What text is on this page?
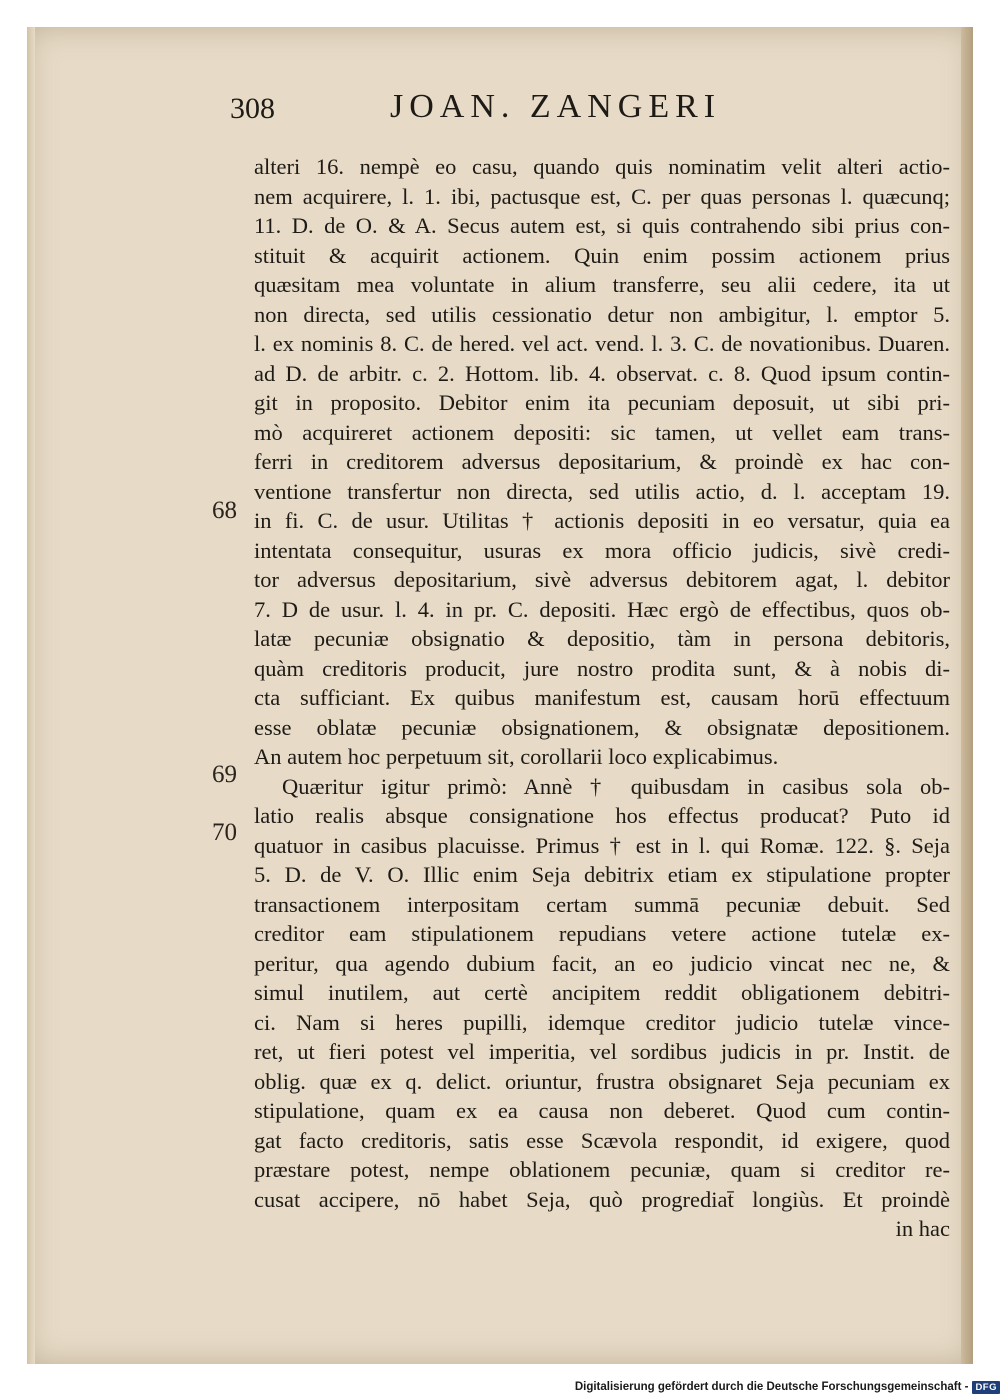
308	JOAN. ZANGERI
68
69
70
alteri 16. nempè eo casu, quando quis nominatim velit alteri actio-
nem acquirere, l. 1. ibi, pactusque est, C. per quas personas l. quæcunq;
11. D. de O. & A. Secus autem est, si quis contrahendo sibi prius con-
stituit & acquirit actionem. Quin enim possim actionem prius
quæsitam mea voluntate in alium transferre, seu alii cedere, ita ut
non directa, sed utilis cessionatio detur non ambigitur, l. emptor 5.
l. ex nominis 8. C. de hered. vel act. vend. l. 3. C. de novationibus. Duaren.
ad D. de arbitr. c. 2. Hottom. lib. 4. observat. c. 8. Quod ipsum contin-
git in proposito. Debitor enim ita pecuniam deposuit, ut sibi pri-
mò acquireret actionem depositi: sic tamen, ut vellet eam trans-
ferri in creditorem adversus depositarium, & proindè ex hac con-
ventione transfertur non directa, sed utilis actio, d. l. acceptam 19.
in fi. C. de usur. Utilitas † actionis depositi in eo versatur, quia ea
intentata consequitur, usuras ex mora officio judicis, sivè credi-
tor adversus depositarium, sivè adversus debitorem agat, l. debitor
7. D de usur. l. 4. in pr. C. depositi. Hæc ergò de effectibus, quos ob-
latæ pecuniæ obsignatio & depositio, tàm in persona debitoris,
quàm creditoris producit, jure nostro prodita sunt, & à nobis di-
cta sufficiant. Ex quibus manifestum est, causam horū effectuum
esse oblatæ pecuniæ obsignationem, & obsignatæ depositionem.
An autem hoc perpetuum sit, corollarii loco explicabimus.
Quæritur igitur primò: Annè † quibusdam in casibus sola ob-
latio realis absque consignatione hos effectus producat? Puto id
quatuor in casibus placuisse. Primus † est in l. qui Romæ. 122. §. Seja
5. D. de V. O. Illic enim Seja debitrix etiam ex stipulatione propter
transactionem interpositam certam summā pecuniæ debuit. Sed
creditor eam stipulationem repudians vetere actione tutelæ ex-
peritur, qua agendo dubium facit, an eo judicio vincat nec ne, &
simul inutilem, aut certè ancipitem reddit obligationem debitri-
ci. Nam si heres pupilli, idemque creditor judicio tutelæ vince-
ret, ut fieri potest vel imperitia, vel sordibus judicis in pr. Instit. de
oblig. quæ ex q. delict. oriuntur, frustra obsignaret Seja pecuniam ex
stipulatione, quam ex ea causa non deberet. Quod cum contin-
gat facto creditoris, satis esse Scævola respondit, id exigere, quod
præstare potest, nempe oblationem pecuniæ, quam si creditor re-
cusat accipere, nō habet Seja, quò progrediat̄ longiùs. Et proindè
in hac
Digitalisierung gefördert durch die Deutsche Forschungsgemeinschaft - DFG
